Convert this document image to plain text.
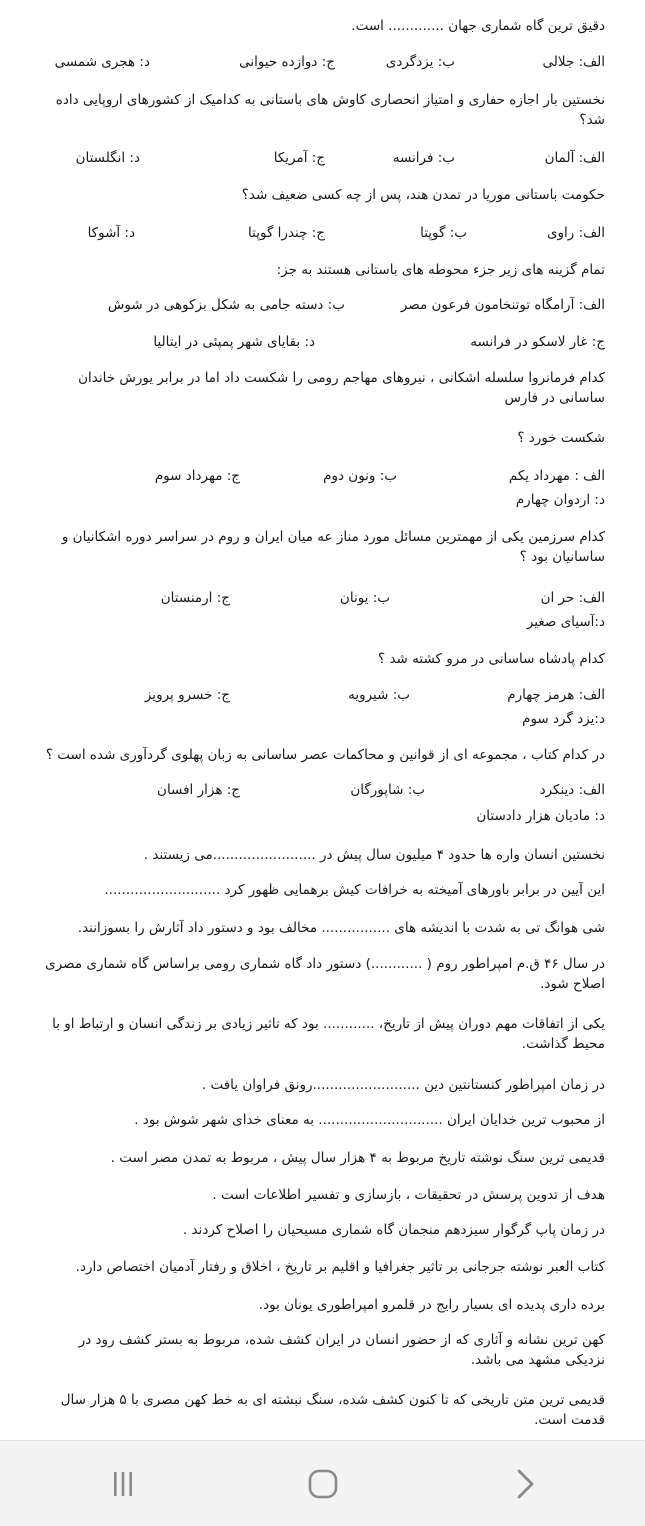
دقیق ترین گاه شماری جهان ............. است.
الف: جلالی
ب: یزدگردی
ج: دوازده حیوانی
د: هجری شمسی
نخستین بار اجازه حفاری و امتیاز انحصاری کاوش های باستانی به کدامیک از کشورهای اروپایی داده شد؟
الف: آلمان
ب: فرانسه
ج: آمریکا
د: انگلستان
حکومت باستانی موریا در تمدن هند، پس از چه کسی ضعیف شد؟
الف: راوی
ب: گوپتا
ج: چندرا گوپتا
د: آشوکا
تمام گزینه های زیر جزء محوطه های باستانی هستند به جز:
الف: آرامگاه توتنخامون فرعون مصر
ب: دسته جامی به شکل بزکوهی در شوش
ج: غار لاسکو در فرانسه
د: بقایای شهر پمپئی در ایتالیا
کدام فرمانروا سلسله اشکانی ، نیروهای مهاجم رومی را شکست داد اما در برابر یورش خاندان ساسانی در فارس
شکست خورد ؟
الف : مهرداد یکم
ب: ونون دوم
ج: مهرداد سوم
د: اردوان چهارم
کدام سرزمین یکی از مهمترین مسائل مورد مناز عه میان ایران و روم در سراسر دوره اشکانیان و ساسانیان بود ؟
الف: حر ان
ب: یونان
ج: ارمنستان
د:آسیای صغیر
کدام پادشاه ساسانی در مرو کشته شد ؟
الف: هرمز چهارم
ب: شیرویه
ج: خسرو پرویز
د:یزد گرد سوم
در کدام کتاب ، مجموعه ای از قوانین و محاکمات عصر ساسانی به زبان پهلوی گردآوری شده است ؟
الف: دینکرد
ب: شاپورگان
ج: هزار افسان
د: مادیان هزار دادستان
نخستین انسان واره ها حدود ۴ میلیون سال پیش در ........................می زیستند .
این آیین در برابر باورهای آمیخته به خرافات کیش برهمایی ظهور کرد ...........................
شی هوانگ تی به شدت با اندیشه های ................ مخالف بود و دستور داد آثارش را بسوزانند.
در سال ۴۶ ق.م امپراطور روم ( ............) دستور داد گاه شماری رومی براساس گاه شماری مصری اصلاح شود.
یکی از اتفاقات مهم دوران پیش از تاریخ، ............ بود که تاثیر زیادی بر زندگی انسان و ارتباط او با محیط گذاشت.
در زمان امپراطور کنستانتین دین .........................رونق فراوان یافت .
از محبوب ترین خدایان ایران ............................. به معنای خدای شهر شوش بود .
قدیمی ترین سنگ نوشته تاریخ مربوط به ۴ هزار سال پیش ، مربوط به تمدن مصر است .
هدف از تدوین پرسش در تحقیقات ، بازسازی و تفسیر اطلاعات است .
در زمان پاپ گرگوار سیزدهم منجمان گاه شماری مسیحیان را اصلاح کردند .
کتاب العبر نوشته جرجانی بر تاثیر جغرافیا و اقلیم بر تاریخ ، اخلاق و رفتار آدمیان اختصاص دارد.
برده داری پدیده ای بسیار رایج در قلمرو امپراطوری یونان بود.
کهن ترین نشانه و آثاری که از حضور انسان در ایران کشف شده، مربوط به بستر کشف رود در نزدیکی مشهد می باشد.
قدیمی ترین متن تاریخی که تا کنون کشف شده، سنگ نبشته ای به خط کهن مصری با ۵ هزار سال قدمت است.
